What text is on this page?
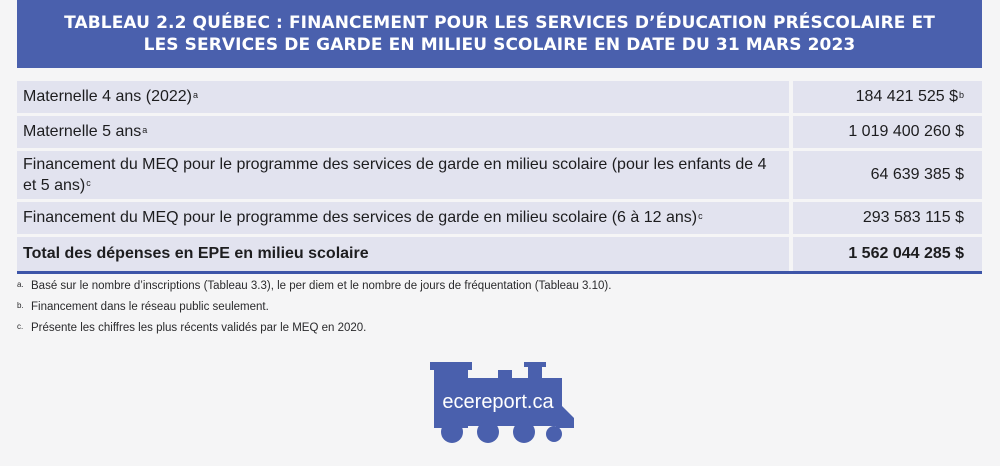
TABLEAU 2.2 QUÉBEC : FINANCEMENT POUR LES SERVICES D’ÉDUCATION PRÉSCOLAIRE ET
LES SERVICES DE GARDE EN MILIEU SCOLAIRE EN DATE DU 31 MARS 2023
Maternelle 4 ans $(2022)^a$	184 421 525 \$$^b$
Maternelle 5 ans$^a$	1 019 400 260 $
Financement du MEQ pour le programme des services de garde en milieu scolaire (pour les enfants de 4 et 5 ans)$^c$	64 639 385 $
Financement du MEQ pour le programme des services de garde en milieu scolaire (6 à 12 ans)$^c$	293 583 115 $
Total des dépenses en EPE en milieu scolaire	1 562 044 285 $
a. Basé sur le nombre d’inscriptions (Tableau 3.3), le per diem et le nombre de jours de fréquentation (Tableau 3.10).
b. Financement dans le réseau public seulement.
c. Présente les chiffres les plus récents validés par le MEQ en 2020.
ecereport.ca
